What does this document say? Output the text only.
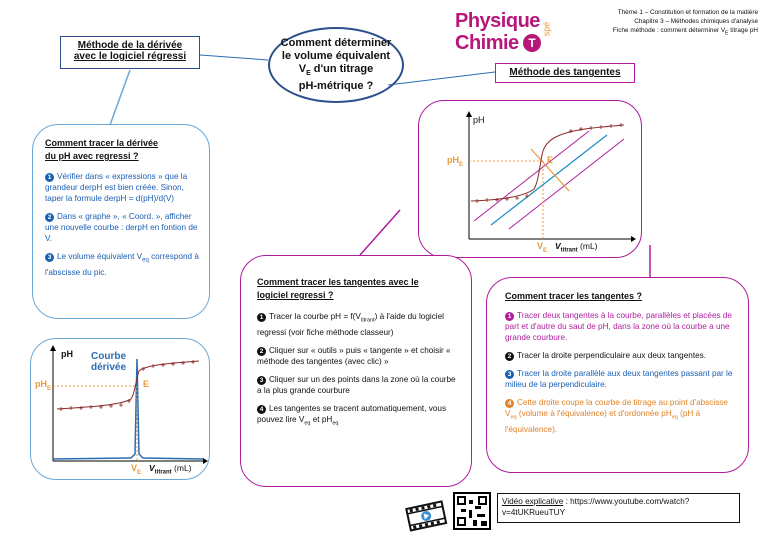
Physique
Chimie T
spé
Thème 1 – Constitution et formation de la matière
Chapitre 3 – Méthodes chimiques d'analyse
Fiche méthode : comment déterminer $V_E$ titrage pH
Comment déterminer
le volume équivalent
$V_E$ d'un titrage
pH-métrique ?
Méthode de la dérivée
avec le logiciel régressi
Méthode des tangentes
Comment tracer la dérivée
du pH avec regressi ?
1 Vérifier dans « expressions » que la grandeur derpH est bien créée. Sinon, taper la formule derpH = d(pH)/d(V)
2 Dans « graphe », « Coord. », afficher une nouvelle courbe : derpH en fontion de V.
3 Le volume équivalent $V_{eq}$ correspond à l'abscisse du pic.
pH Courbe
dérivée
$pH_E$	E
$V_E$ $V_{titrant}$ (mL)
pH
$pH_E$	E
$V_E$ $V_{titrant}$ (mL)
Comment tracer les tangentes avec le
logiciel regressi ?
1 Tracer la courbe pH = $f(V_{titrant})$ à l'aide du logiciel regressi (voir fiche méthode classeur)
2 Cliquer sur « outils » puis « tangente » et choisir « méthode des tangentes (avec clic) »
3 Cliquer sur un des points dans la zone où la courbe a la plus grande courbure
4 Les tangentes se tracent automatiquement, vous pouvez lire $V_{eq}$ et $pH_{eq}$
Comment tracer les tangentes ?
1 Tracer deux tangentes à la courbe, parallèles et placées de part et d'autre du saut de pH, dans la zone où la courbe a une grande courbure.
2 Tracer la droite perpendiculaire aux deux tangentes.
3 Tracer la droite parallèle aux deux tangentes passant par le milieu de la perpendiculaire.
4 Cette droite coupe la courbe de titrage au point d'abscisse $V_{eq}$ (volume à l'équivalence) et d'ordonnée $pH_{eq}$ (pH à l'équivalence).
Vidéo explicative : https://www.youtube.com/watch?v=4tUKRueuTUY
